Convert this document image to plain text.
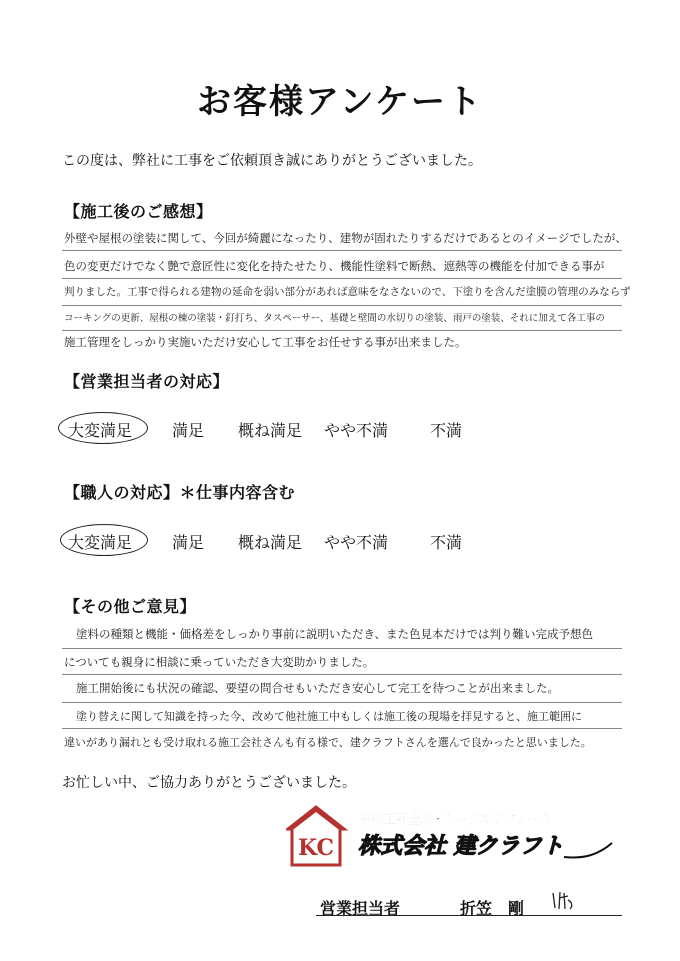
お客様アンケート
この度は、弊社に工事をご依頼頂き誠にありがとうございました。
【施工後のご感想】
外壁や屋根の塗装に関して、今回が綺麗になったり、建物が固れたりするだけであるとのイメージでしたが、
色の変更だけでなく艶で意匠性に変化を持たせたり、機能性塗料で断熱、遮熱等の機能を付加できる事が
判りました。工事で得られる建物の延命を弱い部分があれば意味をなさないので、下塗りを含んだ塗膜の管理のみならず
コーキングの更新、屋根の棟の塗装・釘打ち、タスペーサー、基礎と壁間の水切りの塗装、雨戸の塗装、それに加えて各工事の
施工管理をしっかり実施いただけ安心して工事をお任せする事が出来ました。
【営業担当者の対応】
大変満足 満足 概ね満足 やや不満	不満
【職人の対応】＊仕事内容含む
大変満足 満足 概ね満足 やや不満	不満
【その他ご意見】
塗料の種類と機能・価格差をしっかり事前に説明いただき、また色見本だけでは判り難い完成予想色
についても親身に相談に乗っていただき大変助かりました。
施工開始後にも状況の確認、要望の問合せもいただき安心して完工を待つことが出来ました。
塗り替えに関して知識を持った今、改めて他社施工中もしくは施工後の現場を拝見すると、施工範囲に
違いがあり漏れとも受け取れる施工会社さんも有る様で、建クラフトさんを選んで良かったと思いました。
お忙しい中、ご協力ありがとうございました。
KC
建築工事全般・トータルリフォーム
株式会社 建クラフト
営業担当者	折笠　剛
